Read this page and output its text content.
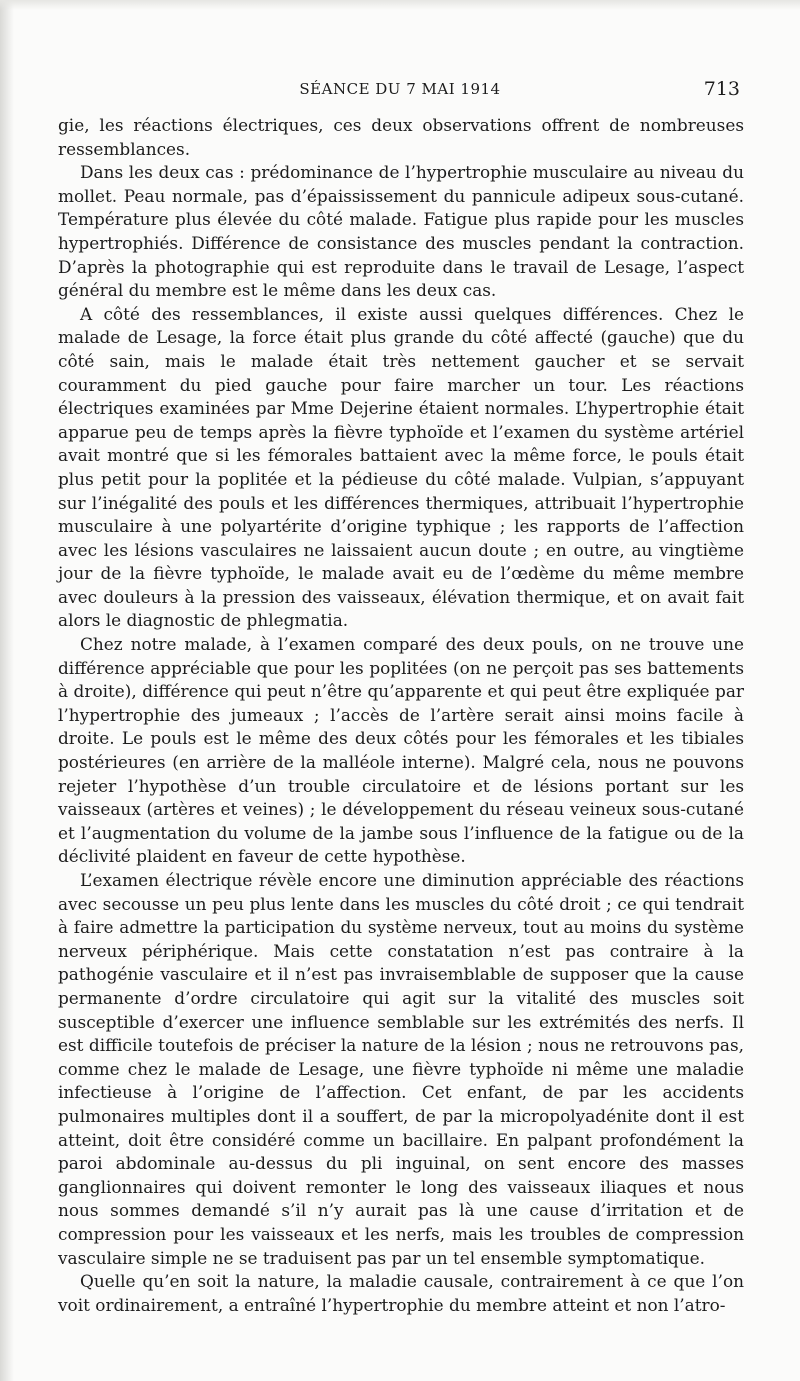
SÉANCE DU 7 MAI 1914	713

gie, les réactions électriques, ces deux observations offrent de nombreuses ressemblances.

Dans les deux cas : prédominance de l’hypertrophie musculaire au niveau du mollet. Peau normale, pas d’épaississement du pannicule adipeux sous-cutané. Température plus élevée du côté malade. Fatigue plus rapide pour les muscles hypertrophiés. Différence de consistance des muscles pendant la contraction. D’après la photographie qui est reproduite dans le travail de Lesage, l’aspect général du membre est le même dans les deux cas.

A côté des ressemblances, il existe aussi quelques différences. Chez le malade de Lesage, la force était plus grande du côté affecté (gauche) que du côté sain, mais le malade était très nettement gaucher et se servait couramment du pied gauche pour faire marcher un tour. Les réactions électriques examinées par Mme Dejerine étaient normales. L’hypertrophie était apparue peu de temps après la fièvre typhoïde et l’examen du système artériel avait montré que si les fémorales battaient avec la même force, le pouls était plus petit pour la poplitée et la pédieuse du côté malade. Vulpian, s’appuyant sur l’inégalité des pouls et les différences thermiques, attribuait l’hypertrophie musculaire à une polyartérite d’origine typhique ; les rapports de l’affection avec les lésions vasculaires ne laissaient aucun doute ; en outre, au vingtième jour de la fièvre typhoïde, le malade avait eu de l’œdème du même membre avec douleurs à la pression des vaisseaux, élévation thermique, et on avait fait alors le diagnostic de phlegmatia.

Chez notre malade, à l’examen comparé des deux pouls, on ne trouve une différence appréciable que pour les poplitées (on ne perçoit pas ses battements à droite), différence qui peut n’être qu’apparente et qui peut être expliquée par l’hypertrophie des jumeaux ; l’accès de l’artère serait ainsi moins facile à droite. Le pouls est le même des deux côtés pour les fémorales et les tibiales postérieures (en arrière de la malléole interne). Malgré cela, nous ne pouvons rejeter l’hypothèse d’un trouble circulatoire et de lésions portant sur les vaisseaux (artères et veines) ; le développement du réseau veineux sous-cutané et l’augmentation du volume de la jambe sous l’influence de la fatigue ou de la déclivité plaident en faveur de cette hypothèse.

L’examen électrique révèle encore une diminution appréciable des réactions avec secousse un peu plus lente dans les muscles du côté droit ; ce qui tendrait à faire admettre la participation du système nerveux, tout au moins du système nerveux périphérique. Mais cette constatation n’est pas contraire à la pathogénie vasculaire et il n’est pas invraisemblable de supposer que la cause permanente d’ordre circulatoire qui agit sur la vitalité des muscles soit susceptible d’exercer une influence semblable sur les extrémités des nerfs. Il est difficile toutefois de préciser la nature de la lésion ; nous ne retrouvons pas, comme chez le malade de Lesage, une fièvre typhoïde ni même une maladie infectieuse à l’origine de l’affection. Cet enfant, de par les accidents pulmonaires multiples dont il a souffert, de par la micropolyadénite dont il est atteint, doit être considéré comme un bacillaire. En palpant profondément la paroi abdominale au-dessus du pli inguinal, on sent encore des masses ganglionnaires qui doivent remonter le long des vaisseaux iliaques et nous nous sommes demandé s’il n’y aurait pas là une cause d’irritation et de compression pour les vaisseaux et les nerfs, mais les troubles de compression vasculaire simple ne se traduisent pas par un tel ensemble symptomatique.

Quelle qu’en soit la nature, la maladie causale, contrairement à ce que l’on voit ordinairement, a entraîné l’hypertrophie du membre atteint et non l’atro-
